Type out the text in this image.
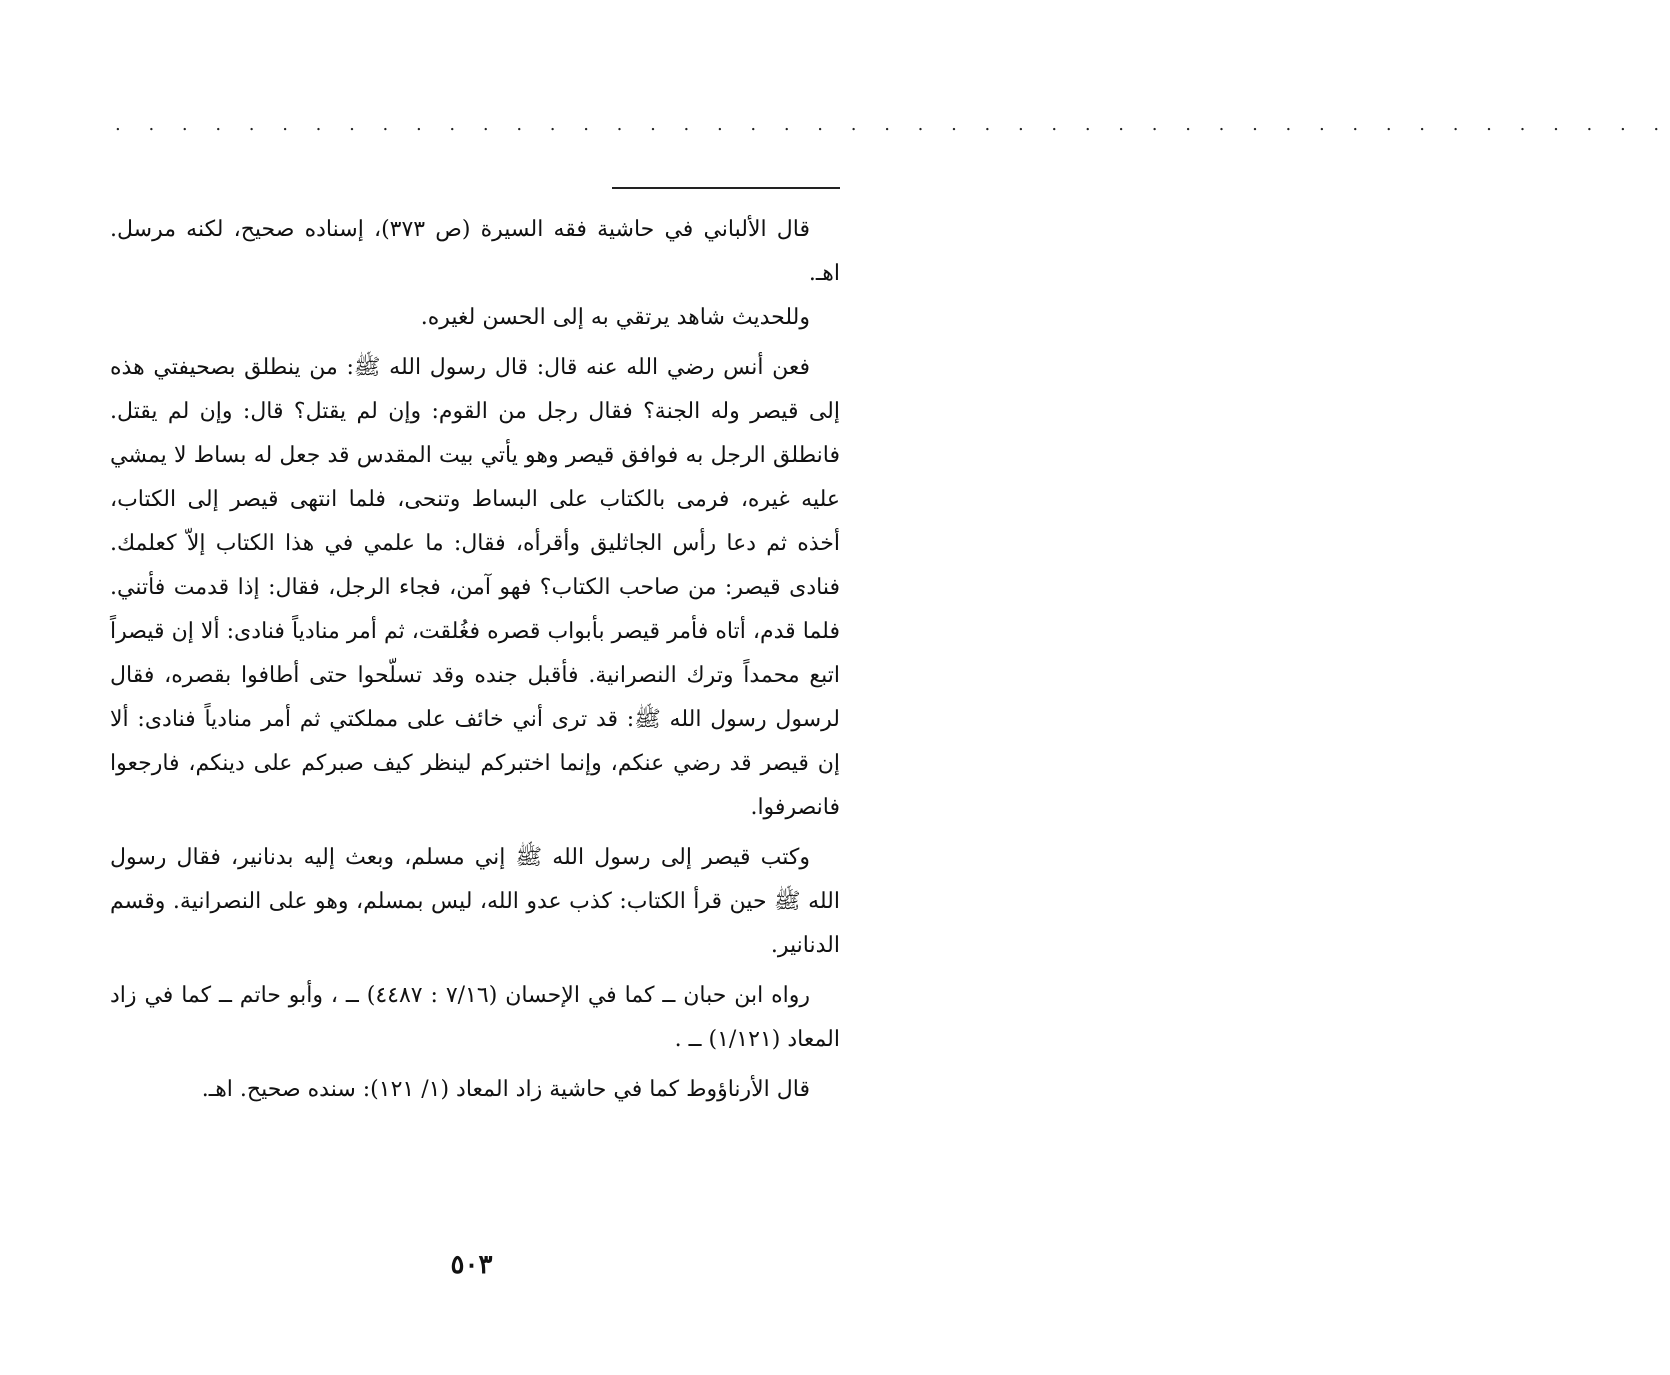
. . . . . . . . . . . . . . . . . . . . . . . . . . . . . . . . . . . . . . . . . . . . . . .

قال الألباني في حاشية فقه السيرة (ص ٣٧٣)، إسناده صحيح، لكنه مرسل. اهـ.

وللحديث شاهد يرتقي به إلى الحسن لغيره.

فعن أنس رضي الله عنه قال: قال رسول الله ﷺ: من ينطلق بصحيفتي هذه إلى قيصر وله الجنة؟ فقال رجل من القوم: وإن لم يقتل؟ قال: وإن لم يقتل. فانطلق الرجل به فوافق قيصر وهو يأتي بيت المقدس قد جعل له بساط لا يمشي عليه غيره، فرمى بالكتاب على البساط وتنحى، فلما انتهى قيصر إلى الكتاب، أخذه ثم دعا رأس الجاثليق وأقرأه، فقال: ما علمي في هذا الكتاب إلاّ كعلمك. فنادى قيصر: من صاحب الكتاب؟ فهو آمن، فجاء الرجل، فقال: إذا قدمت فأتني. فلما قدم، أتاه فأمر قيصر بأبواب قصره فغُلقت، ثم أمر منادياً فنادى: ألا إن قيصراً اتبع محمداً وترك النصرانية. فأقبل جنده وقد تسلّحوا حتى أطافوا بقصره، فقال لرسول رسول الله ﷺ: قد ترى أني خائف على مملكتي ثم أمر منادياً فنادى: ألا إن قيصر قد رضي عنكم، وإنما اختبركم لينظر كيف صبركم على دينكم، فارجعوا فانصرفوا.

وكتب قيصر إلى رسول الله ﷺ إني مسلم، وبعث إليه بدنانير، فقال رسول الله ﷺ حين قرأ الكتاب: كذب عدو الله، ليس بمسلم، وهو على النصرانية. وقسم الدنانير.

رواه ابن حبان ــ كما في الإحسان (٧/١٦ : ٤٤٨٧) ــ ، وأبو حاتم ــ كما في زاد المعاد (١/١٢١) ــ .

قال الأرناؤوط كما في حاشية زاد المعاد (١/ ١٢١): سنده صحيح. اهـ.

٥٠٣
